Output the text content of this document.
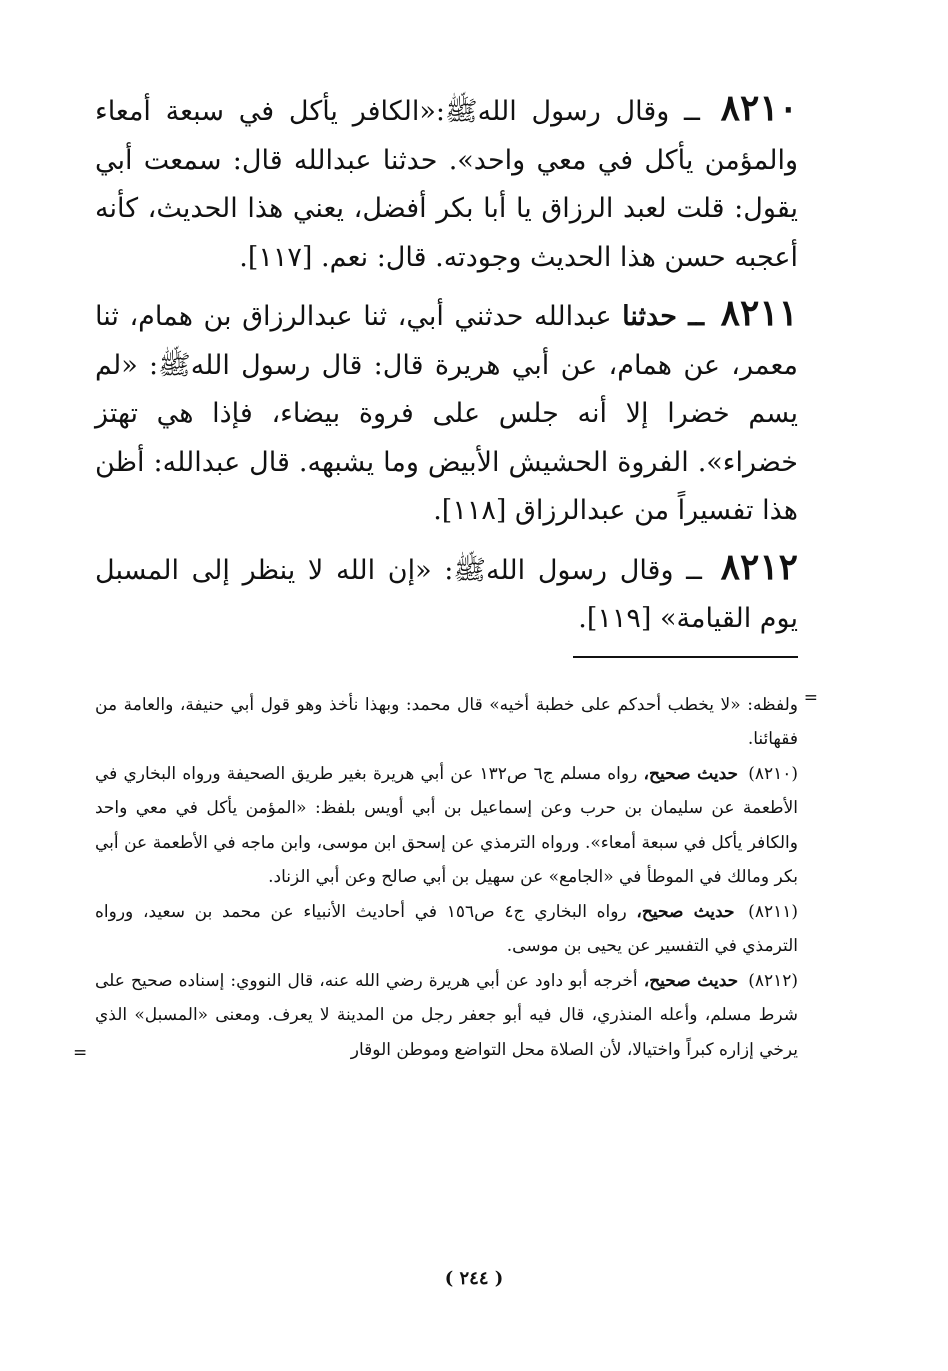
٨٢١٠ ــ وقال رسول اللهﷺ:«الكافر يأكل في سبعة أمعاء والمؤمن يأكل في معي واحد». حدثنا عبدالله قال: سمعت أبي يقول: قلت لعبد الرزاق يا أبا بكر أفضل، يعني هذا الحديث، كأنه أعجبه حسن هذا الحديث وجودته. قال: نعم. [١١٧].

٨٢١١ ــ حدثنا عبدالله حدثني أبي، ثنا عبدالرزاق بن همام، ثنا معمر، عن همام، عن أبي هريرة قال: قال رسول اللهﷺ: «لم يسم خضرا إلا أنه جلس على فروة بيضاء، فإذا هي تهتز خضراء». الفروة الحشيش الأبيض وما يشبهه. قال عبدالله: أظن هذا تفسيراً من عبدالرزاق [١١٨].

٨٢١٢ ــ وقال رسول اللهﷺ: «إن الله لا ينظر إلى المسبل يوم القيامة» [١١٩].

=

ولفظه: «لا يخطب أحدكم على خطبة أخيه» قال محمد: وبهذا نأخذ وهو قول أبي حنيفة، والعامة من فقهائنا.

(٨٢١٠) حديث صحيح، رواه مسلم ج٦ ص١٣٢ عن أبي هريرة بغير طريق الصحيفة ورواه البخاري في الأطعمة عن سليمان بن حرب وعن إسماعيل بن أبي أويس بلفظ: «المؤمن يأكل في معي واحد والكافر يأكل في سبعة أمعاء». ورواه الترمذي عن إسحق ابن موسى، وابن ماجه في الأطعمة عن أبي بكر ومالك في الموطأ في «الجامع» عن سهيل بن أبي صالح وعن أبي الزناد.

(٨٢١١) حديث صحيح، رواه البخاري ج٤ ص١٥٦ في أحاديث الأنبياء عن محمد بن سعيد، ورواه الترمذي في التفسير عن يحيى بن موسى.

(٨٢١٢) حديث صحيح، أخرجه أبو داود عن أبي هريرة رضي الله عنه، قال النووي: إسناده صحيح على شرط مسلم، وأعله المنذري، قال فيه أبو جعفر رجل من المدينة لا يعرف. ومعنى «المسبل» الذي يرخي إزاره كبراً واختيالا، لأن الصلاة محل التواضع وموطن الوقار

=
( ٢٤٤ )
